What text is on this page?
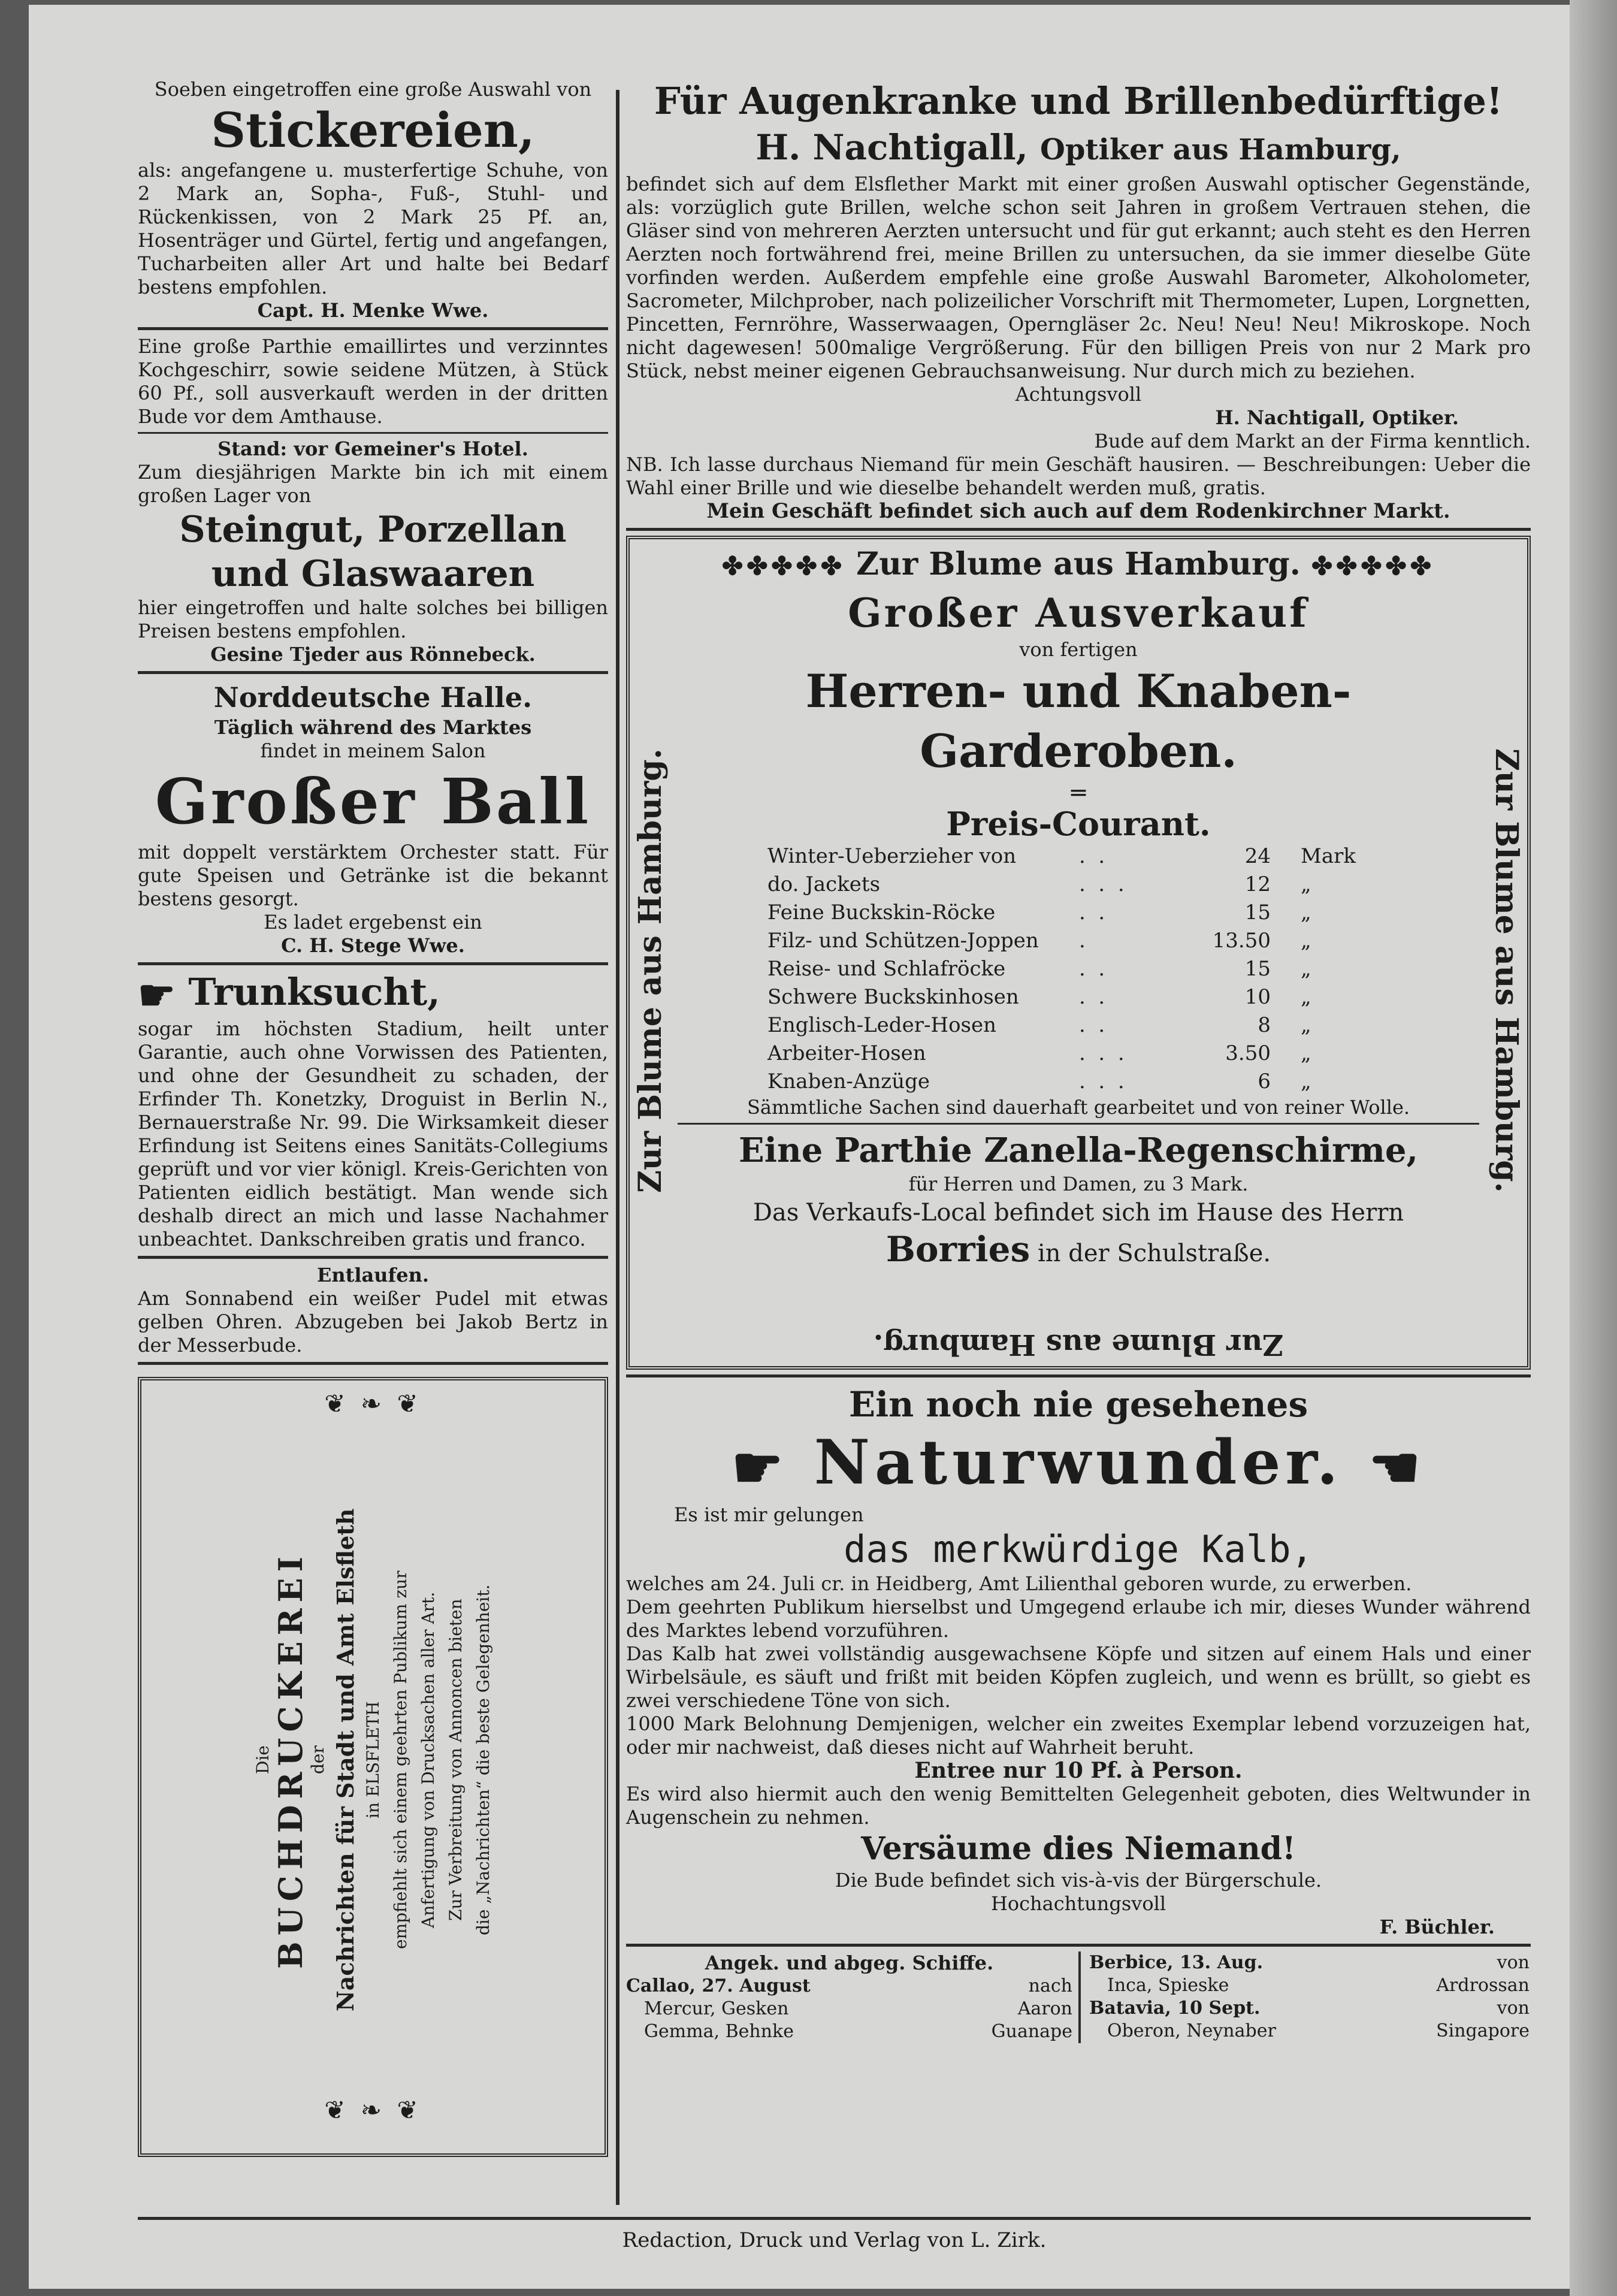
Soeben eingetroffen eine große Auswahl von

Stickereien,

als: angefangene u. musterfertige Schuhe, von 2 Mark an, Sopha-, Fuß-, Stuhl- und Rückenkissen, von 2 Mark 25 Pf. an, Hosenträger und Gürtel, fertig und angefangen, Tucharbeiten aller Art und halte bei Bedarf bestens empfohlen.

Capt. H. Menke Wwe.

Eine große Parthie emaillirtes und verzinntes Kochgeschirr, sowie seidene Mützen, à Stück 60 Pf., soll ausverkauft werden in der dritten Bude vor dem Amthause.

Stand: vor Gemeiner's Hotel.

Zum diesjährigen Markte bin ich mit einem großen Lager von

Steingut, Porzellan und Glaswaaren

hier eingetroffen und halte solches bei billigen Preisen bestens empfohlen.

Gesine Tjeder aus Rönnebeck.

Norddeutsche Halle.

Täglich während des Marktes

findet in meinem Salon

Großer Ball

mit doppelt verstärktem Orchester statt. Für gute Speisen und Getränke ist die bekannt bestens gesorgt.

Es ladet ergebenst ein

C. H. Stege Wwe.

☛ Trunksucht,

sogar im höchsten Stadium, heilt unter Garantie, auch ohne Vorwissen des Patienten, und ohne der Gesundheit zu schaden, der Erfinder Th. Konetzky, Droguist in Berlin N., Bernauerstraße Nr. 99. Die Wirksamkeit dieser Erfindung ist Seitens eines Sanitäts-Collegiums geprüft und vor vier königl. Kreis-Gerichten von Patienten eidlich bestätigt. Man wende sich deshalb direct an mich und lasse Nachahmer unbeachtet. Dankschreiben gratis und franco.

Entlaufen.

Am Sonnabend ein weißer Pudel mit etwas gelben Ohren. Abzugeben bei Jakob Bertz in der Messerbude.

❦ ❧ ❦
Die
BUCHDRUCKEREI
der Nachrichten für Stadt und Amt Elsfleth in ELSFLETH empfiehlt sich einem geehrten Publikum zur Anfertigung von Drucksachen aller Art. Zur Verbreitung von Annoncen bieten die „Nachrichten“ die beste Gelegenheit.
❦ ❧ ❦

Für Augenkranke und Brillenbedürftige!

H. Nachtigall, Optiker aus Hamburg,

befindet sich auf dem Elsflether Markt mit einer großen Auswahl optischer Gegenstände, als: vorzüglich gute Brillen, welche schon seit Jahren in großem Vertrauen stehen, die Gläser sind von mehreren Aerzten untersucht und für gut erkannt; auch steht es den Herren Aerzten noch fortwährend frei, meine Brillen zu untersuchen, da sie immer dieselbe Güte vorfinden werden. Außerdem empfehle eine große Auswahl Barometer, Alkoholometer, Sacrometer, Milchprober, nach polizeilicher Vorschrift mit Thermometer, Lupen, Lorgnetten, Pincetten, Fernröhre, Wasserwaagen, Operngläser 2c. Neu! Neu! Neu! Mikroskope. Noch nicht dagewesen! 500malige Vergrößerung. Für den billigen Preis von nur 2 Mark pro Stück, nebst meiner eigenen Gebrauchsanweisung. Nur durch mich zu beziehen.

Achtungsvoll

H. Nachtigall, Optiker.

Bude auf dem Markt an der Firma kenntlich.

NB. Ich lasse durchaus Niemand für mein Geschäft hausiren. — Beschreibungen: Ueber die Wahl einer Brille und wie dieselbe behandelt werden muß, gratis.

Mein Geschäft befindet sich auch auf dem Rodenkirchner Markt.

Zur Blume aus Hamburg.	Zur Blume aus Hamburg.

✤✤✤✤✤ Zur Blume aus Hamburg. ✤✤✤✤✤

Großer Ausverkauf

von fertigen

Herren- und Knaben-Garderoben.

═

Preis-Courant.

Winter-Ueberzieher von	.  .	24	Mark
do. Jackets	.  .  .	12	„
Feine Buckskin-Röcke	.  .	15	„
Filz- und Schützen-Joppen	.	13.50	„
Reise- und Schlafröcke	.  .	15	„
Schwere Buckskinhosen	.  .	10	„
Englisch-Leder-Hosen	.  .	8	„
Arbeiter-Hosen	.  .  .	3.50	„
Knaben-Anzüge	.  .  .	6	„

Sämmtliche Sachen sind dauerhaft gearbeitet und von reiner Wolle.

Eine Parthie Zanella-Regenschirme,

für Herren und Damen, zu 3 Mark.

Das Verkaufs-Local befindet sich im Hause des Herrn

Borries in der Schulstraße.

Zur Blume aus Hamburg.

Ein noch nie gesehenes

☛ Naturwunder. ☚

Es ist mir gelungen

das merkwürdige Kalb,

welches am 24. Juli cr. in Heidberg, Amt Lilienthal geboren wurde, zu erwerben.

Dem geehrten Publikum hierselbst und Umgegend erlaube ich mir, dieses Wunder während des Marktes lebend vorzuführen.

Das Kalb hat zwei vollständig ausgewachsene Köpfe und sitzen auf einem Hals und einer Wirbelsäule, es säuft und frißt mit beiden Köpfen zugleich, und wenn es brüllt, so giebt es zwei verschiedene Töne von sich.

1000 Mark Belohnung Demjenigen, welcher ein zweites Exemplar lebend vorzuzeigen hat, oder mir nachweist, daß dieses nicht auf Wahrheit beruht.

Entree nur 10 Pf. à Person.

Es wird also hiermit auch den wenig Bemittelten Gelegenheit geboten, dies Weltwunder in Augenschein zu nehmen.

Versäume dies Niemand!

Die Bude befindet sich vis-à-vis der Bürgerschule.

Hochachtungsvoll

F. Büchler.

Angek. und abgeg. Schiffe.

Callao, 27. August	nach
Mercur, Gesken	Aaron
Gemma, Behnke	Guanape
Berbice, 13. Aug.	von
Inca, Spieske	Ardrossan
Batavia, 10 Sept.	von
Oberon, Neynaber	Singapore

Redaction, Druck und Verlag von L. Zirk.
